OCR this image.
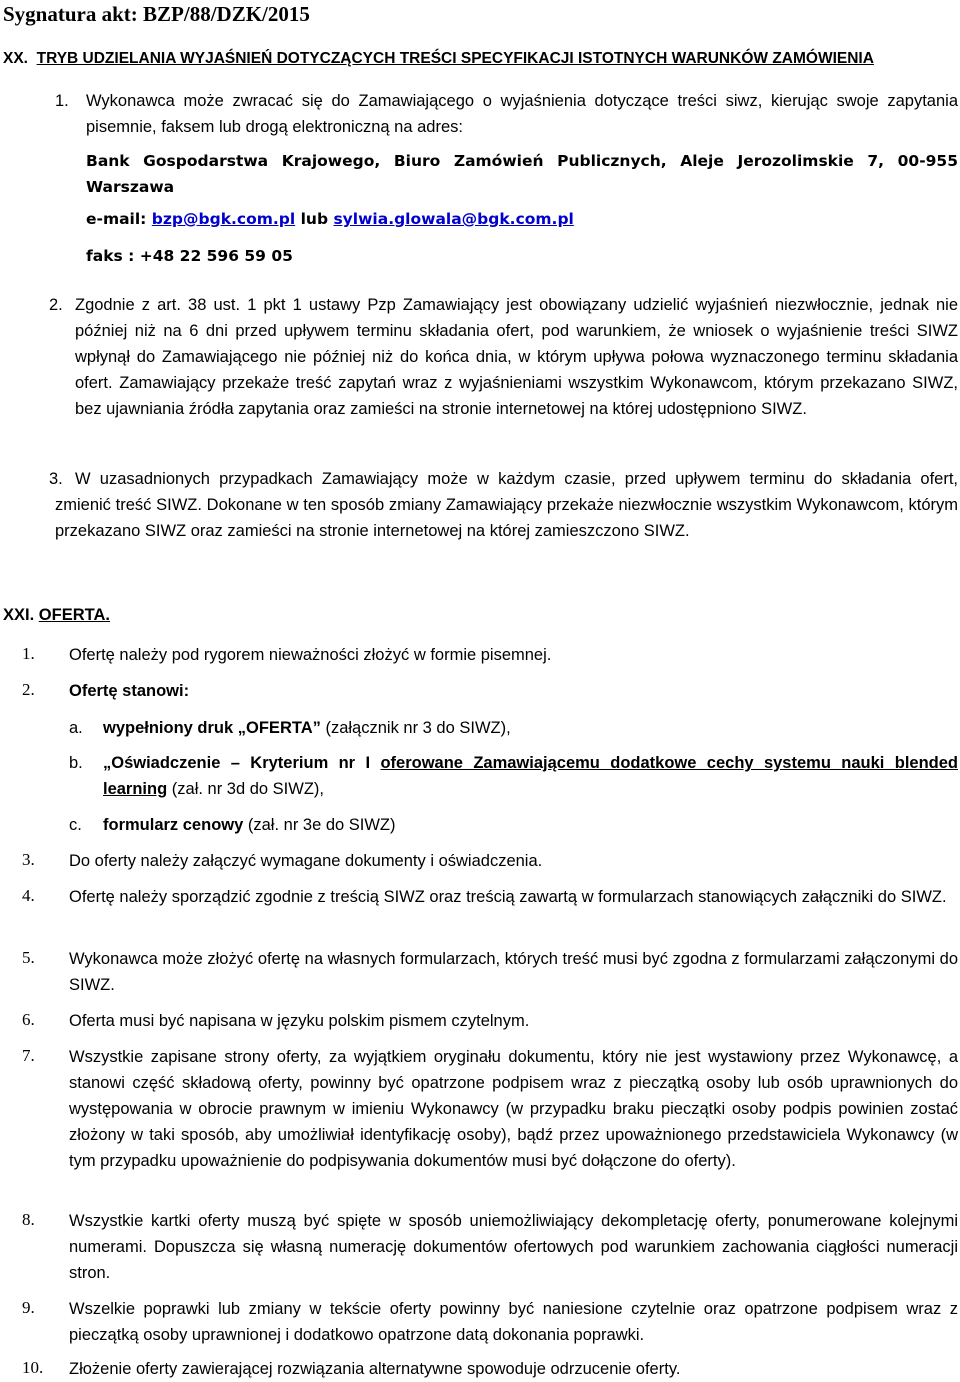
Sygnatura akt: BZP/88/DZK/2015
XX. TRYB UDZIELANIA WYJAŚNIEŃ DOTYCZĄCYCH TREŚCI SPECYFIKACJI ISTOTNYCH WARUNKÓW ZAMÓWIENIA
1. Wykonawca może zwracać się do Zamawiającego o wyjaśnienia dotyczące treści siwz, kierując swoje zapytania pisemnie, faksem lub drogą elektroniczną na adres:
Bank Gospodarstwa Krajowego, Biuro Zamówień Publicznych, Aleje Jerozolimskie 7, 00-955 Warszawa
e-mail: bzp@bgk.com.pl lub sylwia.glowala@bgk.com.pl
faks : +48 22 596 59 05
2. Zgodnie z art. 38 ust. 1 pkt 1 ustawy Pzp Zamawiający jest obowiązany udzielić wyjaśnień niezwłocznie, jednak nie później niż na 6 dni przed upływem terminu składania ofert, pod warunkiem, że wniosek o wyjaśnienie treści SIWZ wpłynął do Zamawiającego nie później niż do końca dnia, w którym upływa połowa wyznaczonego terminu składania ofert. Zamawiający przekaże treść zapytań wraz z wyjaśnieniami wszystkim Wykonawcom, którym przekazano SIWZ, bez ujawniania źródła zapytania oraz zamieści na stronie internetowej na której udostępniono SIWZ.
3. W uzasadnionych przypadkach Zamawiający może w każdym czasie, przed upływem terminu do składania ofert, zmienić treść SIWZ. Dokonane w ten sposób zmiany Zamawiający przekaże niezwłocznie wszystkim Wykonawcom, którym przekazano SIWZ oraz zamieści na stronie internetowej na której zamieszczono SIWZ.
XXI. OFERTA.
1. Ofertę należy pod rygorem nieważności złożyć w formie pisemnej.
2. Ofertę stanowi:
a. wypełniony druk „OFERTA” (załącznik nr 3 do SIWZ),
b. „Oświadczenie – Kryterium nr I oferowane Zamawiającemu dodatkowe cechy systemu nauki blended learning (zał. nr 3d do SIWZ),
c. formularz cenowy (zał. nr 3e do SIWZ)
3. Do oferty należy załączyć wymagane dokumenty i oświadczenia.
4. Ofertę należy sporządzić zgodnie z treścią SIWZ oraz treścią zawartą w formularzach stanowiących załączniki do SIWZ.
5. Wykonawca może złożyć ofertę na własnych formularzach, których treść musi być zgodna z formularzami załączonymi do SIWZ.
6. Oferta musi być napisana w języku polskim pismem czytelnym.
7. Wszystkie zapisane strony oferty, za wyjątkiem oryginału dokumentu, który nie jest wystawiony przez Wykonawcę, a stanowi część składową oferty, powinny być opatrzone podpisem wraz z pieczątką osoby lub osób uprawnionych do występowania w obrocie prawnym w imieniu Wykonawcy (w przypadku braku pieczątki osoby podpis powinien zostać złożony w taki sposób, aby umożliwiał identyfikację osoby), bądź przez upoważnionego przedstawiciela Wykonawcy (w tym przypadku upoważnienie do podpisywania dokumentów musi być dołączone do oferty).
8. Wszystkie kartki oferty muszą być spięte w sposób uniemożliwiający dekompletację oferty, ponumerowane kolejnymi numerami. Dopuszcza się własną numerację dokumentów ofertowych pod warunkiem zachowania ciągłości numeracji stron.
9. Wszelkie poprawki lub zmiany w tekście oferty powinny być naniesione czytelnie oraz opatrzone podpisem wraz z pieczątką osoby uprawnionej i dodatkowo opatrzone datą dokonania poprawki.
10. Złożenie oferty zawierającej rozwiązania alternatywne spowoduje odrzucenie oferty.
